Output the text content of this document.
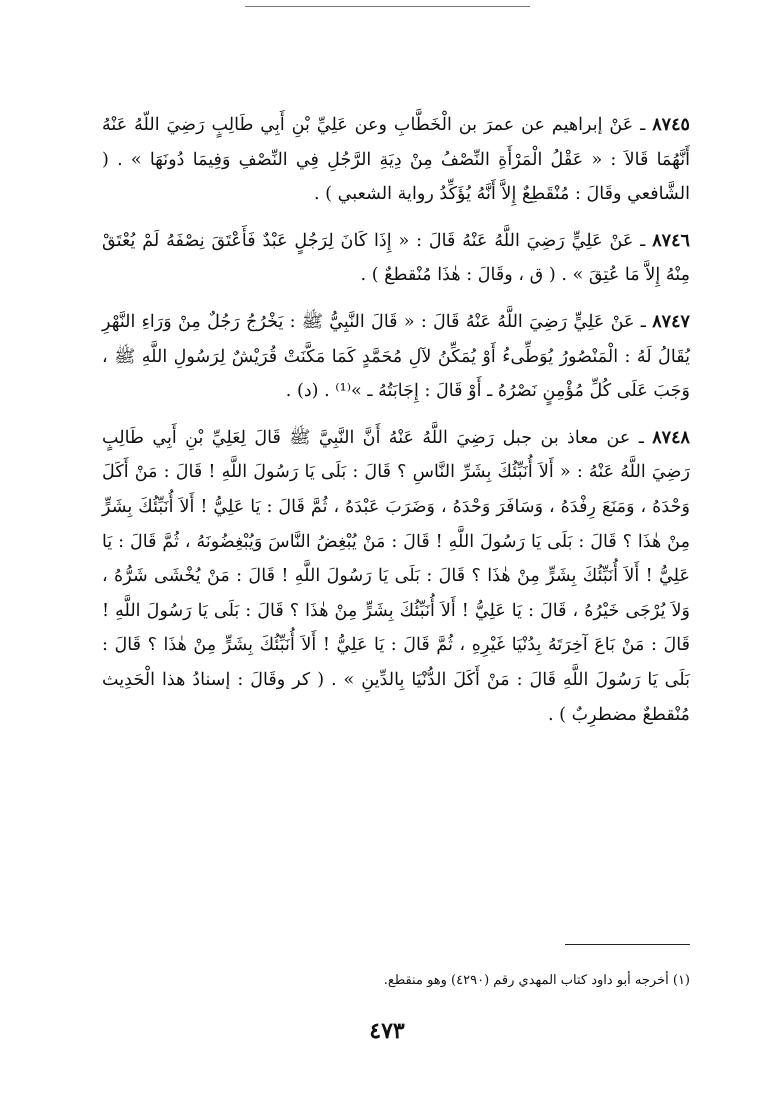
٨٧٤٥ ـ عَنْ إبراهيم عن عمرَ بن الْخَطَّابِ وعن عَلِيِّ بْنِ أَبِي طَالِبٍ رَضِيَ اللّهُ عَنْهُ أَنَّهُمَا قَالاَ : « عَقْلُ الْمَرْأَةِ النِّصْفُ مِنْ دِيَةِ الرَّجُلِ فِي النِّصْفِ وَفِيمَا دُونَهَا » . ( الشَّافعي وقَالَ : مُنْقَطِعٌ إِلاَّ أَنَّهُ يُؤَكِّدُ رواية الشعبي ) .

٨٧٤٦ ـ عَنْ عَلِيٍّ رَضِيَ اللَّهُ عَنْهُ قَالَ : « إِذَا كَانَ لِرَجُلٍ عَبْدٌ فَأَعْتَقَ نِصْفَهُ لَمْ يُعْتَقْ مِنْهُ إِلاَّ مَا عُتِقَ » . ( ق ، وقَالَ : هٰذَا مُنْقطعٌ ) .

٨٧٤٧ ـ عَنْ عَلِيٍّ رَضِيَ اللَّهُ عَنْهُ قَالَ : « قَالَ النَّبِيُّ ﷺ : يَخْرُجُ رَجُلٌ مِنْ وَرَاءِ النَّهْرِ يُقَالُ لَهُ : الْمَنْصُورُ يُوَطِّىءُ أَوْ يُمَكِّنُ لآلِ مُحَمَّدٍ كَمَا مَكَّنَتْ قُرَيْشٌ لِرَسُولِ اللَّهِ ﷺ ، وَجَبَ عَلَى كُلِّ مُؤْمِنٍ نَصْرُهُ ـ أَوْ قَالَ : إِجَابَتُهُ ـ »⁽¹⁾ . (د) .

٨٧٤٨ ـ عن معاذ بن جبل رَضِيَ اللَّهُ عَنْهُ أَنَّ النَّبِيَّ ﷺ قَالَ لِعَلِيِّ بْنِ أَبِي طَالِبٍ رَضِيَ اللَّهُ عَنْهُ : « أَلاَ أُنَبِّئُكَ بِشَرِّ النَّاسِ ؟ قَالَ : بَلَى يَا رَسُولَ اللَّهِ ! قَالَ : مَنْ أَكَلَ وَحْدَهُ ، وَمَنَعَ رِفْدَهُ ، وَسَافَرَ وَحْدَهُ ، وَضَرَبَ عَبْدَهُ ، ثُمَّ قَالَ : يَا عَلِيُّ ! أَلاَ أُنَبِّئُكَ بِشَرٍّ مِنْ هٰذَا ؟ قَالَ : بَلَى يَا رَسُولَ اللَّهِ ! قَالَ : مَنْ يُبْغِضُ النَّاسَ وَيُبْغِضُونَهُ ، ثُمَّ قَالَ : يَا عَلِيُّ ! أَلاَ أُنَبِّئُكَ بِشَرٍّ مِنْ هٰذَا ؟ قَالَ : بَلَى يَا رَسُولَ اللَّهِ ! قَالَ : مَنْ يُخْشَى شَرُّهُ ، وَلاَ يُرْجَى خَيْرُهُ ، قَالَ : يَا عَلِيُّ ! أَلاَ أُنَبِّئُكَ بِشَرٍّ مِنْ هٰذَا ؟ قَالَ : بَلَى يَا رَسُولَ اللَّهِ ! قَالَ : مَنْ بَاعَ آخِرَتَهُ بِدُنْيَا غَيْرِهِ ، ثُمَّ قَالَ : يَا عَلِيُّ ! أَلاَ أُنَبِّئُكَ بِشَرٍّ مِنْ هٰذَا ؟ قَالَ : بَلَى يَا رَسُولَ اللَّهِ قَالَ : مَنْ أَكَلَ الدُّنْيَا بِالدِّينِ » . ( كر وقَالَ : إسنادُ هذا الْحَدِيث مُنْقطعٌ مضطرِبٌ ) .

(١) أخرجه أبو داود كتاب المهدي رقم (٤٢٩٠) وهو منقطع.
٤٧٣
